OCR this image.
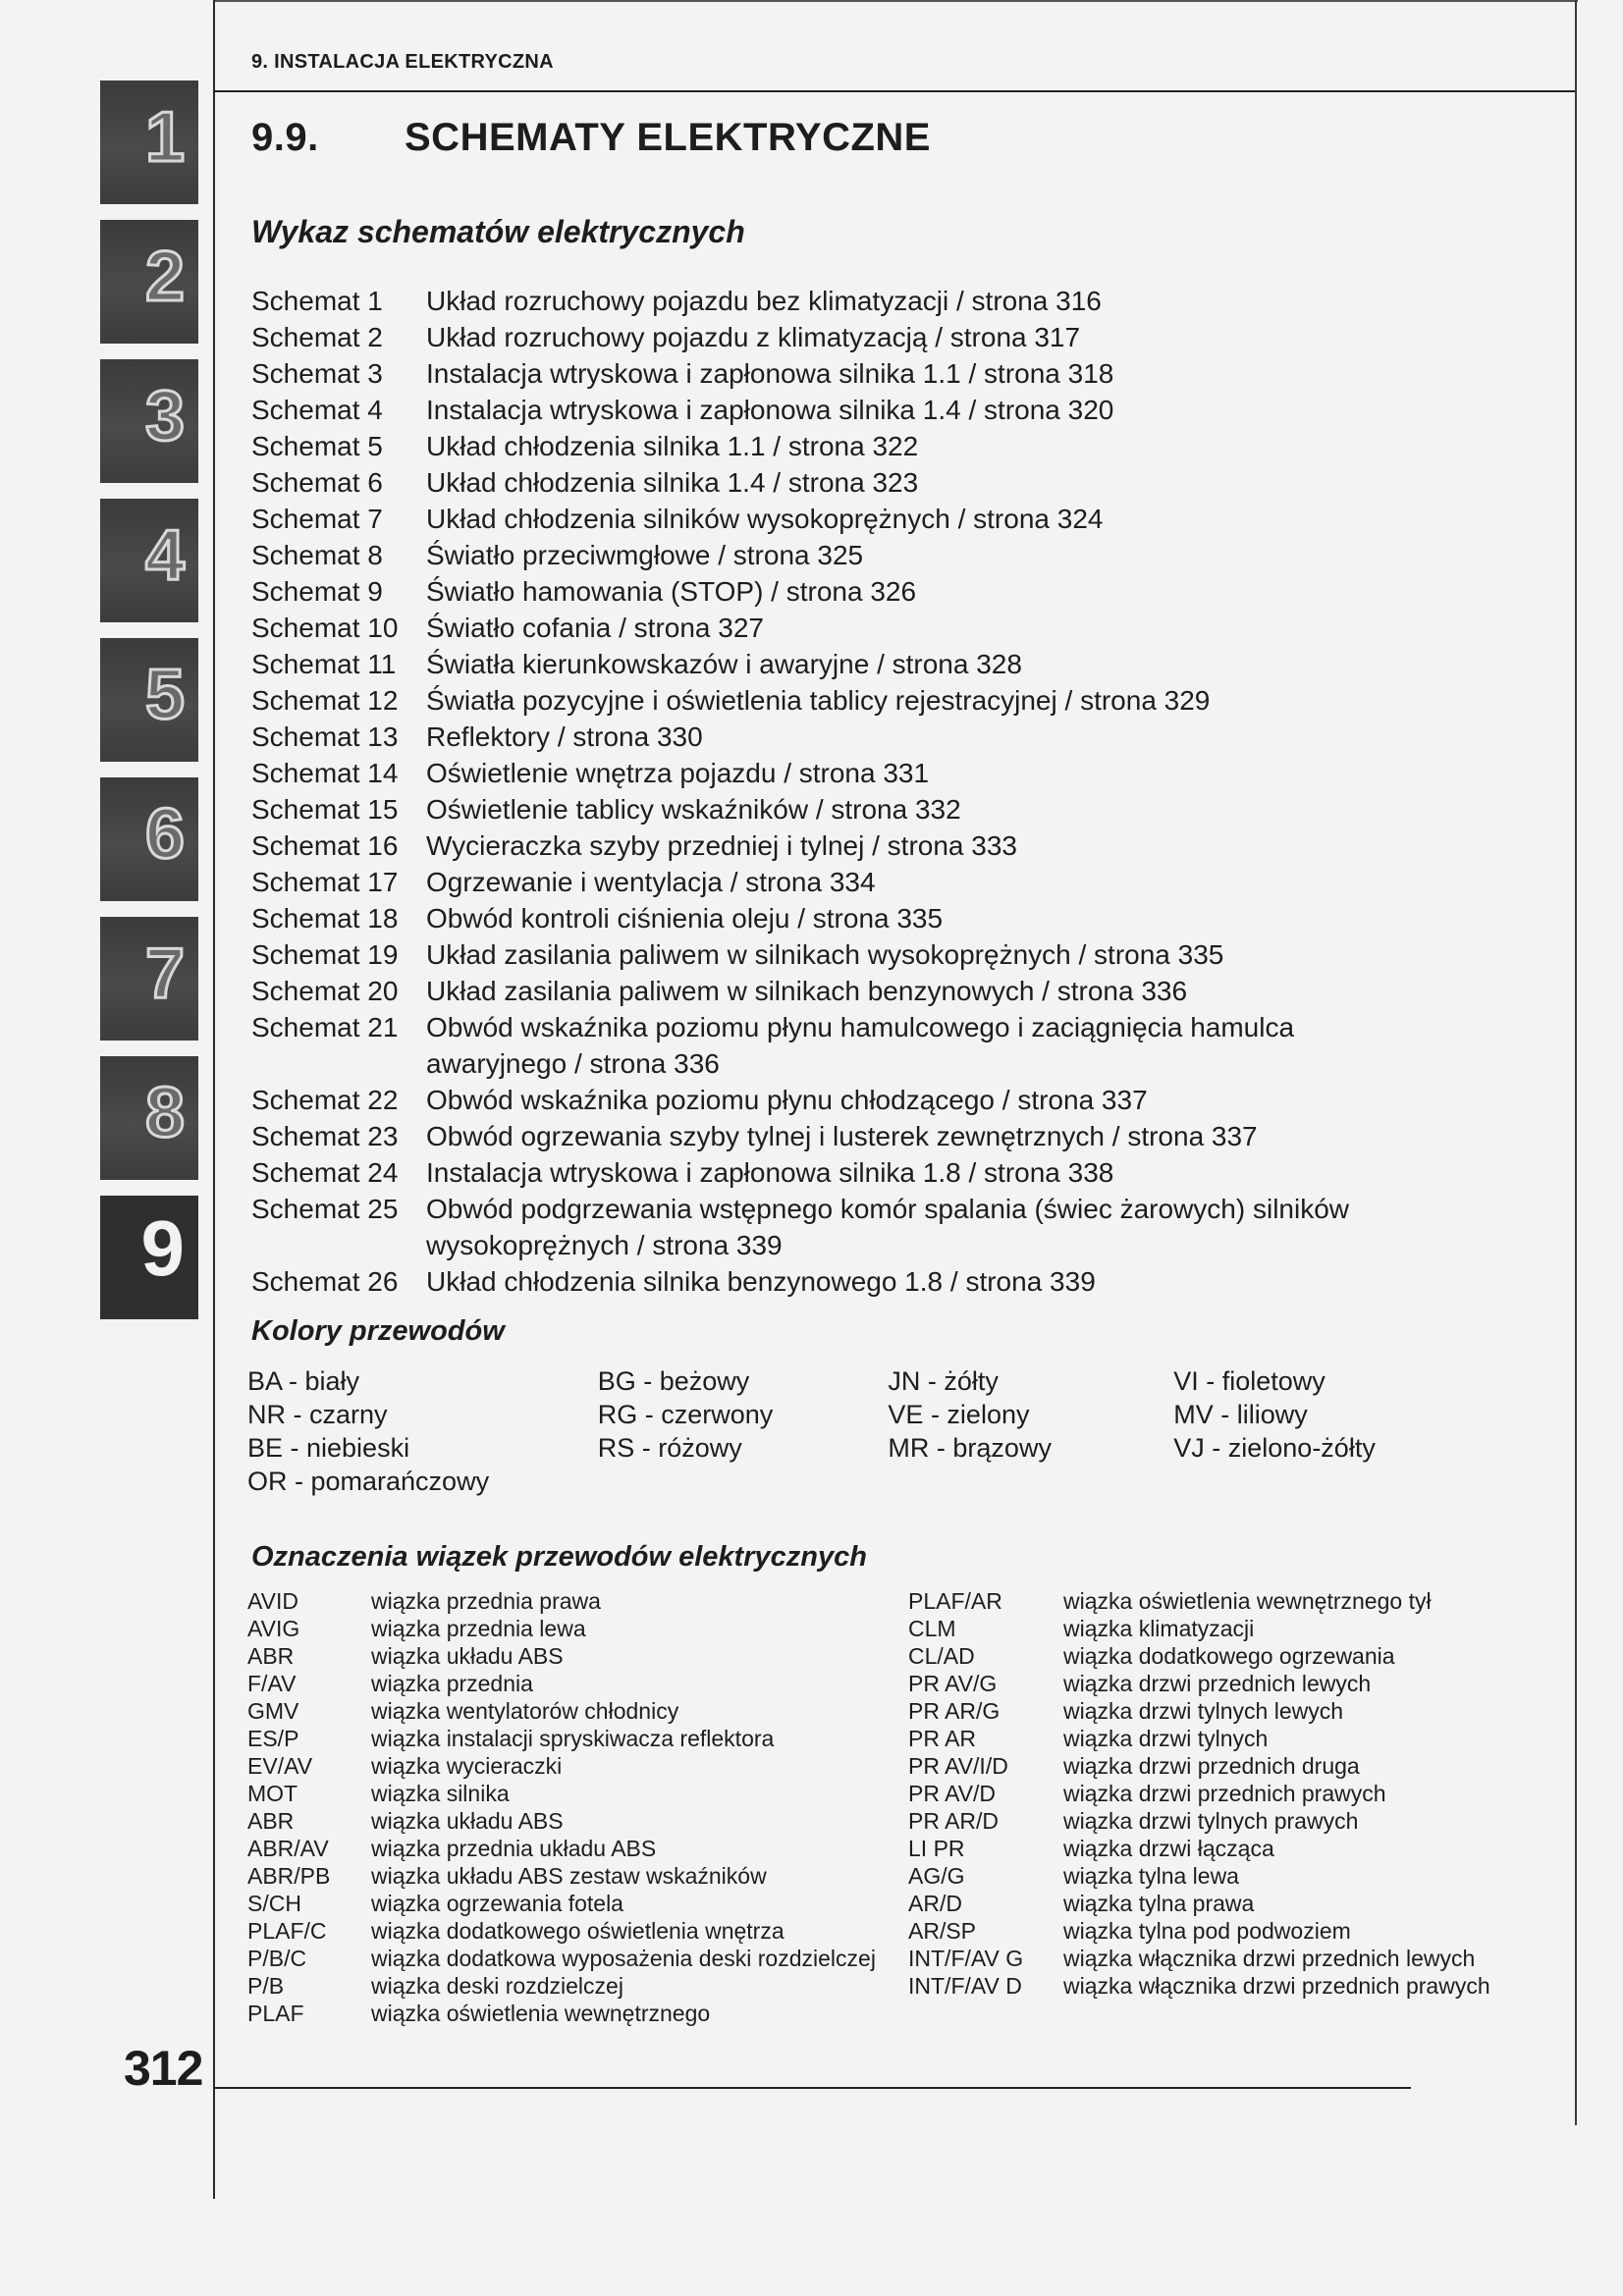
9. INSTALACJA ELEKTRYCZNA
1
2
3
4
5
6
7
8
9
9.9. SCHEMATY ELEKTRYCZNE
Wykaz schematów elektrycznych
Schemat 1	Układ rozruchowy pojazdu bez klimatyzacji / strona 316
Schemat 2	Układ rozruchowy pojazdu z klimatyzacją / strona 317
Schemat 3	Instalacja wtryskowa i zapłonowa silnika 1.1 / strona 318
Schemat 4	Instalacja wtryskowa i zapłonowa silnika 1.4 / strona 320
Schemat 5	Układ chłodzenia silnika 1.1 / strona 322
Schemat 6	Układ chłodzenia silnika 1.4 / strona 323
Schemat 7	Układ chłodzenia silników wysokoprężnych / strona 324
Schemat 8	Światło przeciwmgłowe / strona 325
Schemat 9	Światło hamowania (STOP) / strona 326
Schemat 10	Światło cofania / strona 327
Schemat 11	Światła kierunkowskazów i awaryjne / strona 328
Schemat 12	Światła pozycyjne i oświetlenia tablicy rejestracyjnej / strona 329
Schemat 13	Reflektory / strona 330
Schemat 14	Oświetlenie wnętrza pojazdu / strona 331
Schemat 15	Oświetlenie tablicy wskaźników / strona 332
Schemat 16	Wycieraczka szyby przedniej i tylnej / strona 333
Schemat 17	Ogrzewanie i wentylacja / strona 334
Schemat 18	Obwód kontroli ciśnienia oleju / strona 335
Schemat 19	Układ zasilania paliwem w silnikach wysokoprężnych / strona 335
Schemat 20	Układ zasilania paliwem w silnikach benzynowych / strona 336
Schemat 21	Obwód wskaźnika poziomu płynu hamulcowego i zaciągnięcia hamulca awaryjnego / strona 336
Schemat 22	Obwód wskaźnika poziomu płynu chłodzącego / strona 337
Schemat 23	Obwód ogrzewania szyby tylnej i lusterek zewnętrznych / strona 337
Schemat 24	Instalacja wtryskowa i zapłonowa silnika 1.8 / strona 338
Schemat 25	Obwód podgrzewania wstępnego komór spalania (świec żarowych) silników wysokoprężnych / strona 339
Schemat 26	Układ chłodzenia silnika benzynowego 1.8 / strona 339
Kolory przewodów
BA - biały	BG - beżowy	JN - żółty	VI - fioletowy
NR - czarny	RG - czerwony	VE - zielony	MV - liliowy
BE - niebieski	RS - różowy	MR - brązowy	VJ - zielono-żółty
OR - pomarańczowy
Oznaczenia wiązek przewodów elektrycznych
AVID	wiązka przednia prawa
AVIG	wiązka przednia lewa
ABR	wiązka układu ABS
F/AV	wiązka przednia
GMV	wiązka wentylatorów chłodnicy
ES/P	wiązka instalacji spryskiwacza reflektora
EV/AV	wiązka wycieraczki
MOT	wiązka silnika
ABR	wiązka układu ABS
ABR/AV	wiązka przednia układu ABS
ABR/PB	wiązka układu ABS zestaw wskaźników
S/CH	wiązka ogrzewania fotela
PLAF/C	wiązka dodatkowego oświetlenia wnętrza
P/B/C	wiązka dodatkowa wyposażenia deski rozdzielczej
P/B	wiązka deski rozdzielczej
PLAF	wiązka oświetlenia wewnętrznego
PLAF/AR	wiązka oświetlenia wewnętrznego tył
CLM	wiązka klimatyzacji
CL/AD	wiązka dodatkowego ogrzewania
PR AV/G	wiązka drzwi przednich lewych
PR AR/G	wiązka drzwi tylnych lewych
PR AR	wiązka drzwi tylnych
PR AV/I/D	wiązka drzwi przednich druga
PR AV/D	wiązka drzwi przednich prawych
PR AR/D	wiązka drzwi tylnych prawych
LI PR	wiązka drzwi łącząca
AG/G	wiązka tylna lewa
AR/D	wiązka tylna prawa
AR/SP	wiązka tylna pod podwoziem
INT/F/AV G	wiązka włącznika drzwi przednich lewych
INT/F/AV D	wiązka włącznika drzwi przednich prawych
312
